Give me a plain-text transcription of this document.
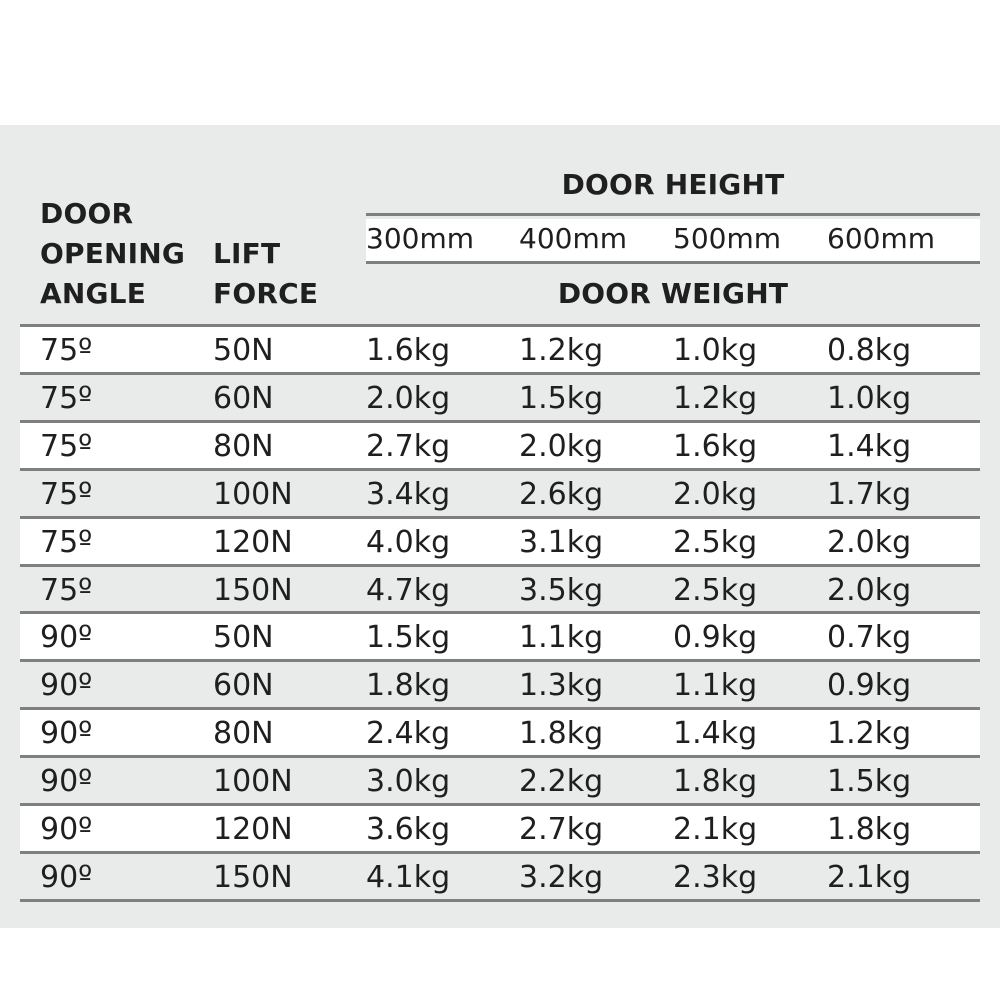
DOOR
OPENING
ANGLE
LIFT
FORCE
DOOR HEIGHT
300mm 400mm 500mm 600mm
DOOR WEIGHT
75º	50N	1.6kg 1.2kg 1.0kg 0.8kg
75º	60N	2.0kg 1.5kg 1.2kg 1.0kg
75º	80N	2.7kg 2.0kg 1.6kg 1.4kg
75º	100N 3.4kg 2.6kg 2.0kg 1.7kg
75º	120N 4.0kg 3.1kg 2.5kg 2.0kg
75º	150N 4.7kg 3.5kg 2.5kg 2.0kg
90º	50N	1.5kg 1.1kg 0.9kg 0.7kg
90º	60N	1.8kg 1.3kg 1.1kg 0.9kg
90º	80N	2.4kg 1.8kg 1.4kg 1.2kg
90º	100N 3.0kg 2.2kg 1.8kg 1.5kg
90º	120N 3.6kg 2.7kg 2.1kg 1.8kg
90º	150N 4.1kg 3.2kg 2.3kg 2.1kg
